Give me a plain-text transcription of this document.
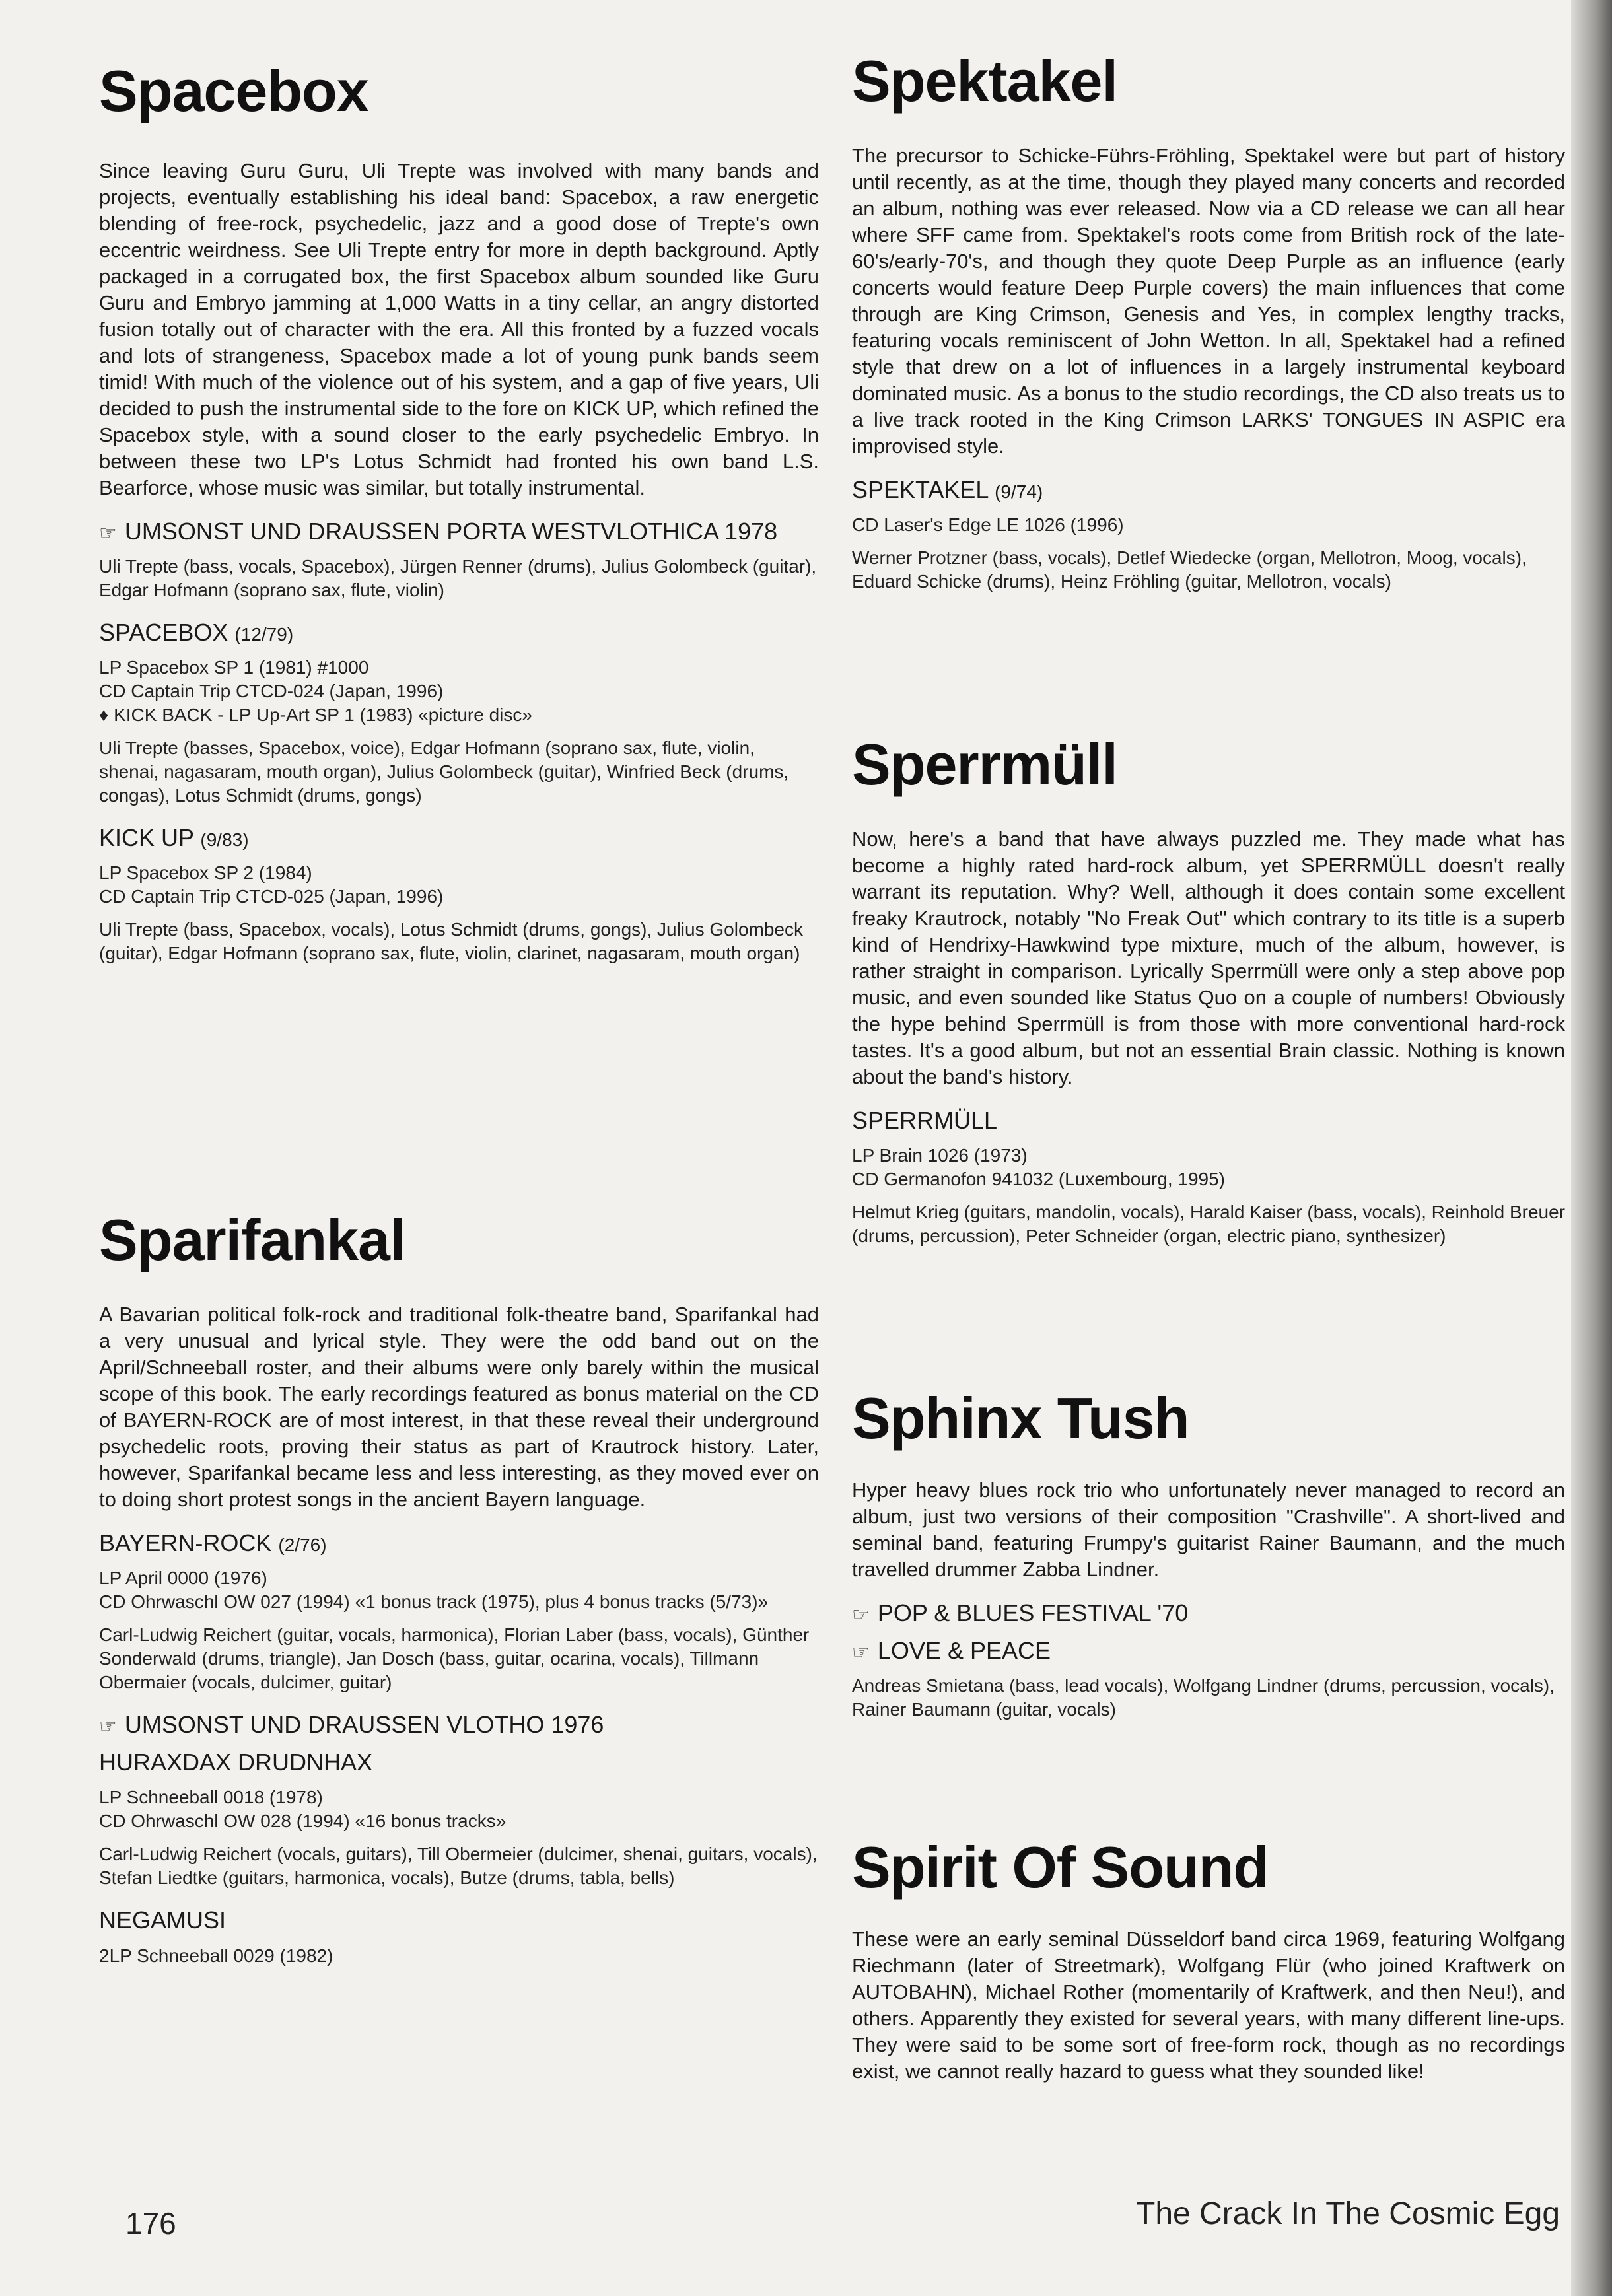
Spacebox

Since leaving Guru Guru, Uli Trepte was involved with many bands and projects, eventually establishing his ideal band: Spacebox, a raw energetic blending of free-rock, psychedelic, jazz and a good dose of Trepte's own eccentric weirdness. See Uli Trepte entry for more in depth background. Aptly packaged in a corrugated box, the first Spacebox album sounded like Guru Guru and Embryo jamming at 1,000 Watts in a tiny cellar, an angry distorted fusion totally out of character with the era. All this fronted by a fuzzed vocals and lots of strangeness, Spacebox made a lot of young punk bands seem timid! With much of the violence out of his system, and a gap of five years, Uli decided to push the instrumental side to the fore on KICK UP, which refined the Spacebox style, with a sound closer to the early psychedelic Embryo. In between these two LP's Lotus Schmidt had fronted his own band L.S. Bearforce, whose music was similar, but totally instrumental.

☞ UMSONST UND DRAUSSEN PORTA WESTVLOTHICA 1978

Uli Trepte (bass, vocals, Spacebox), Jürgen Renner (drums), Julius Golombeck (guitar), Edgar Hofmann (soprano sax, flute, violin)

SPACEBOX (12/79)

LP Spacebox SP 1 (1981) #1000

CD Captain Trip CTCD-024 (Japan, 1996)

♦ KICK BACK - LP Up-Art SP 1 (1983) «picture disc»

Uli Trepte (basses, Spacebox, voice), Edgar Hofmann (soprano sax, flute, violin, shenai, nagasaram, mouth organ), Julius Golombeck (guitar), Winfried Beck (drums, congas), Lotus Schmidt (drums, gongs)

KICK UP (9/83)

LP Spacebox SP 2 (1984)

CD Captain Trip CTCD-025 (Japan, 1996)

Uli Trepte (bass, Spacebox, vocals), Lotus Schmidt (drums, gongs), Julius Golombeck (guitar), Edgar Hofmann (soprano sax, flute, violin, clarinet, nagasaram, mouth organ)

Sparifankal

A Bavarian political folk-rock and traditional folk-theatre band, Sparifankal had a very unusual and lyrical style. They were the odd band out on the April/Schneeball roster, and their albums were only barely within the musical scope of this book. The early recordings featured as bonus material on the CD of BAYERN-ROCK are of most interest, in that these reveal their underground psychedelic roots, proving their status as part of Krautrock history. Later, however, Sparifankal became less and less interesting, as they moved ever on to doing short protest songs in the ancient Bayern language.

BAYERN-ROCK (2/76)

LP April 0000 (1976)

CD Ohrwaschl OW 027 (1994) «1 bonus track (1975), plus 4 bonus tracks (5/73)»

Carl-Ludwig Reichert (guitar, vocals, harmonica), Florian Laber (bass, vocals), Günther Sonderwald (drums, triangle), Jan Dosch (bass, guitar, ocarina, vocals), Tillmann Obermaier (vocals, dulcimer, guitar)

☞ UMSONST UND DRAUSSEN VLOTHO 1976

HURAXDAX DRUDNHAX

LP Schneeball 0018 (1978)

CD Ohrwaschl OW 028 (1994) «16 bonus tracks»

Carl-Ludwig Reichert (vocals, guitars), Till Obermeier (dulcimer, shenai, guitars, vocals), Stefan Liedtke (guitars, harmonica, vocals), Butze (drums, tabla, bells)

NEGAMUSI

2LP Schneeball 0029 (1982)

Spektakel

The precursor to Schicke-Führs-Fröhling, Spektakel were but part of history until recently, as at the time, though they played many concerts and recorded an album, nothing was ever released. Now via a CD release we can all hear where SFF came from. Spektakel's roots come from British rock of the late-60's/early-70's, and though they quote Deep Purple as an influence (early concerts would feature Deep Purple covers) the main influences that come through are King Crimson, Genesis and Yes, in complex lengthy tracks, featuring vocals reminiscent of John Wetton. In all, Spektakel had a refined style that drew on a lot of influences in a largely instrumental keyboard dominated music. As a bonus to the studio recordings, the CD also treats us to a live track rooted in the King Crimson LARKS' TONGUES IN ASPIC era improvised style.

SPEKTAKEL (9/74)

CD Laser's Edge LE 1026 (1996)

Werner Protzner (bass, vocals), Detlef Wiedecke (organ, Mellotron, Moog, vocals), Eduard Schicke (drums), Heinz Fröhling (guitar, Mellotron, vocals)

Sperrmüll

Now, here's a band that have always puzzled me. They made what has become a highly rated hard-rock album, yet SPERRMÜLL doesn't really warrant its reputation. Why? Well, although it does contain some excellent freaky Krautrock, notably "No Freak Out" which contrary to its title is a superb kind of Hendrixy-Hawkwind type mixture, much of the album, however, is rather straight in comparison. Lyrically Sperrmüll were only a step above pop music, and even sounded like Status Quo on a couple of numbers! Obviously the hype behind Sperrmüll is from those with more conventional hard-rock tastes. It's a good album, but not an essential Brain classic. Nothing is known about the band's history.

SPERRMÜLL

LP Brain 1026 (1973)

CD Germanofon 941032 (Luxembourg, 1995)

Helmut Krieg (guitars, mandolin, vocals), Harald Kaiser (bass, vocals), Reinhold Breuer (drums, percussion), Peter Schneider (organ, electric piano, synthesizer)

Sphinx Tush

Hyper heavy blues rock trio who unfortunately never managed to record an album, just two versions of their composition "Crashville". A short-lived and seminal band, featuring Frumpy's guitarist Rainer Baumann, and the much travelled drummer Zabba Lindner.

☞ POP & BLUES FESTIVAL '70

☞ LOVE & PEACE

Andreas Smietana (bass, lead vocals), Wolfgang Lindner (drums, percussion, vocals), Rainer Baumann (guitar, vocals)

Spirit Of Sound

These were an early seminal Düsseldorf band circa 1969, featuring Wolfgang Riechmann (later of Streetmark), Wolfgang Flür (who joined Kraftwerk on AUTOBAHN), Michael Rother (momentarily of Kraftwerk, and then Neu!), and others. Apparently they existed for several years, with many different line-ups. They were said to be some sort of free-form rock, though as no recordings exist, we cannot really hazard to guess what they sounded like!

176	The Crack In The Cosmic Egg
